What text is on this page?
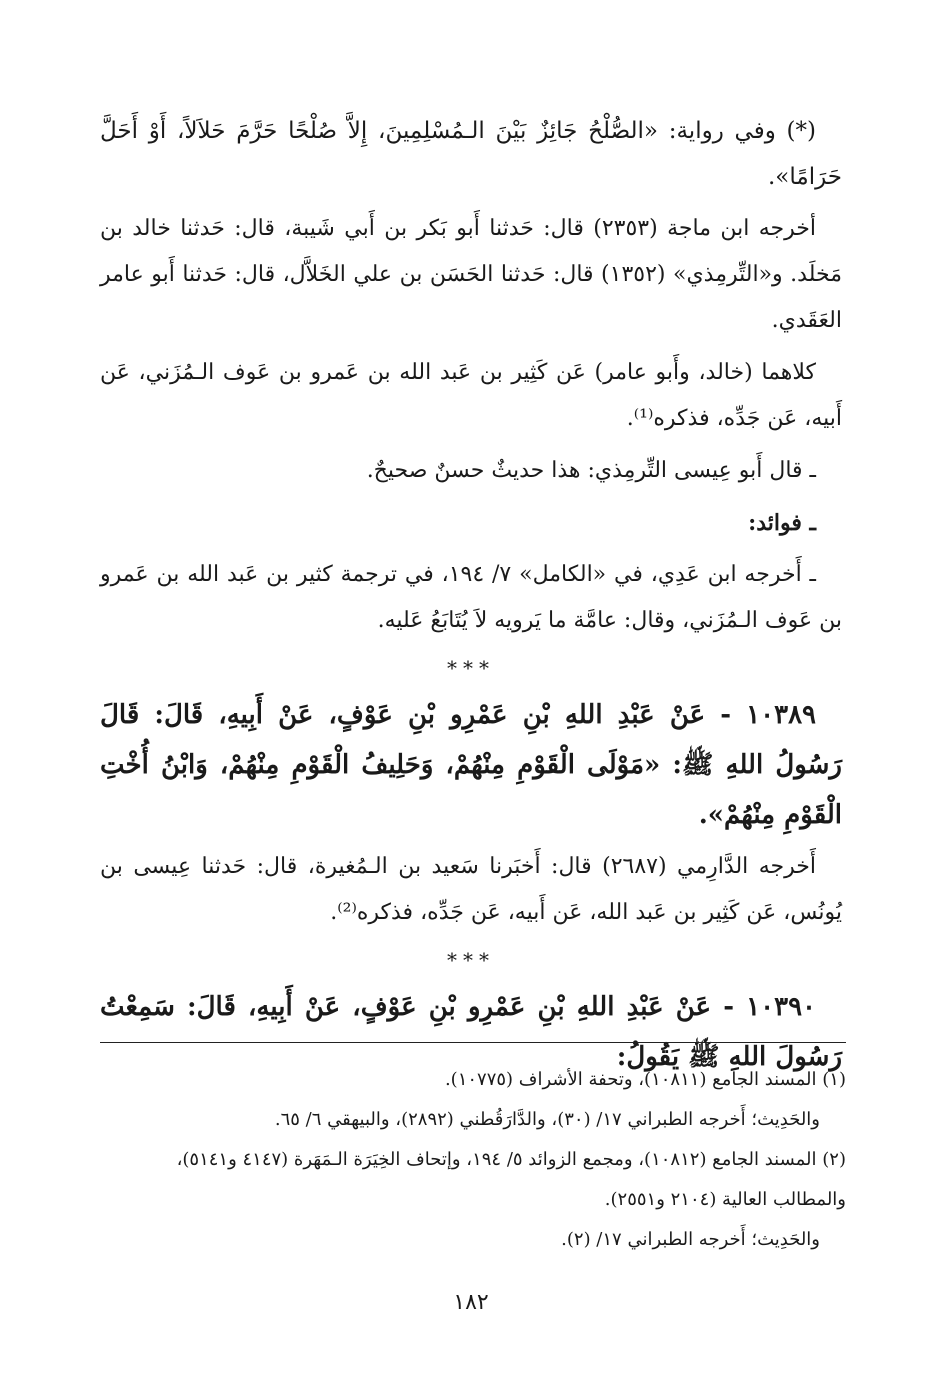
(*) وفي رواية: «الصُّلْحُ جَائِزٌ بَيْنَ الـمُسْلِمِينَ، إِلاَّ صُلْحًا حَرَّمَ حَلاَلاً، أَوْ أَحَلَّ حَرَامًا».

أخرجه ابن ماجة (٢٣٥٣) قال: حَدثنا أَبو بَكر بن أَبي شَيبة، قال: حَدثنا خالد بن مَخلَد. و«التِّرمِذي» (١٣٥٢) قال: حَدثنا الحَسَن بن علي الخَلاَّل، قال: حَدثنا أَبو عامر العَقَدي.

كلاهما (خالد، وأَبو عامر) عَن كَثِير بن عَبد الله بن عَمرو بن عَوف الـمُزَني، عَن أَبيه، عَن جَدِّه، فذكره⁽¹⁾.

ـ قال أَبو عِيسى التِّرمِذي: هذا حديثٌ حسنٌ صحيحٌ.

ـ فوائد:

ـ أَخرجه ابن عَدِي، في «الكامل» ٧/ ١٩٤، في ترجمة كثير بن عَبد الله بن عَمرو بن عَوف الـمُزَني، وقال: عامَّة ما يَرويه لاَ يُتَابَعُ عَليه.

***

١٠٣٨٩ - عَنْ عَبْدِ اللهِ بْنِ عَمْرِو بْنِ عَوْفٍ، عَنْ أَبِيهِ، قَالَ: قَالَ رَسُولُ اللهِ ﷺ: «مَوْلَى الْقَوْمِ مِنْهُمْ، وَحَلِيفُ الْقَوْمِ مِنْهُمْ، وَابْنُ أُخْتِ الْقَوْمِ مِنْهُمْ».

أَخرجه الدَّارِمي (٢٦٨٧) قال: أَخبَرنا سَعيد بن الـمُغيرة، قال: حَدثنا عِيسى بن يُونُس، عَن كَثِير بن عَبد الله، عَن أَبيه، عَن جَدِّه، فذكره⁽²⁾.

***

١٠٣٩٠ - عَنْ عَبْدِ اللهِ بْنِ عَمْرِو بْنِ عَوْفٍ، عَنْ أَبِيهِ، قَالَ: سَمِعْتُ رَسُولَ اللهِ ﷺ يَقُولُ:

(١) المسند الجامع (١٠٨١١)، وتحفة الأشراف (١٠٧٧٥).

والحَدِيث؛ أَخرجه الطبراني ١٧/ (٣٠)، والدَّارَقُطني (٢٨٩٢)، والبيهقي ٦/ ٦٥.

(٢) المسند الجامع (١٠٨١٢)، ومجمع الزوائد ٥/ ١٩٤، وإتحاف الخِيَرَة الـمَهَرة (٤١٤٧ و٥١٤١)، والمطالب العالية (٢١٠٤ و٢٥٥١).

والحَدِيث؛ أَخرجه الطبراني ١٧/ (٢).

١٨٢
